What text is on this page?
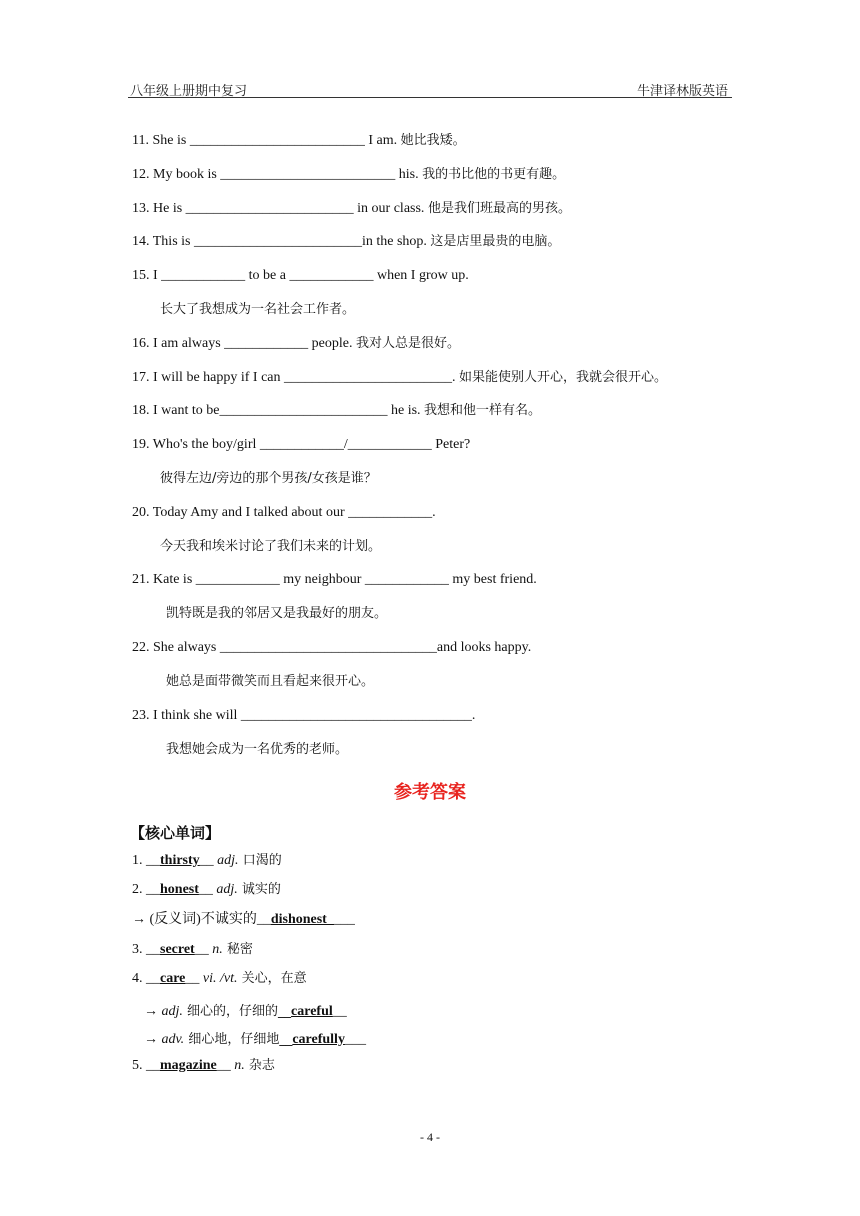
八年级上册期中复习	牛津译林版英语
11. She is _________________________ I am. 她比我矮。
12. My book is _________________________ his. 我的书比他的书更有趣。
13. He is ________________________ in our class. 他是我们班最高的男孩。
14. This is ________________________in the shop. 这是店里最贵的电脑。
15. I ____________ to be a ____________ when I grow up.
长大了我想成为一名社会工作者。
16. I am always ____________ people. 我对人总是很好。
17. I will be happy if I can ________________________. 如果能使别人开心，我就会很开心。
18. I want to be________________________ he is. 我想和他一样有名。
19. Who's the boy/girl ____________/____________ Peter?
彼得左边/旁边的那个男孩/女孩是谁？
20. Today Amy and I talked about our ____________.
今天我和埃米讨论了我们未来的计划。
21. Kate is ____________ my neighbour ____________ my best friend.
凯特既是我的邻居又是我最好的朋友。
22. She always _______________________________and looks happy.
她总是面带微笑而且看起来很开心。
23. I think she will _________________________________.
我想她会成为一名优秀的老师。
参考答案
【核心单词】
1. __thirsty__ adj. 口渴的
2. __honest__ adj. 诚实的
→ (反义词)不诚实的__dishonest____
3. __secret__ n. 秘密
4. __care__ vi. /vt. 关心，在意
→ adj. 细心的，仔细的__careful__
→ adv. 细心地，仔细地__carefully___
5. __magazine__ n. 杂志
- 4 -
